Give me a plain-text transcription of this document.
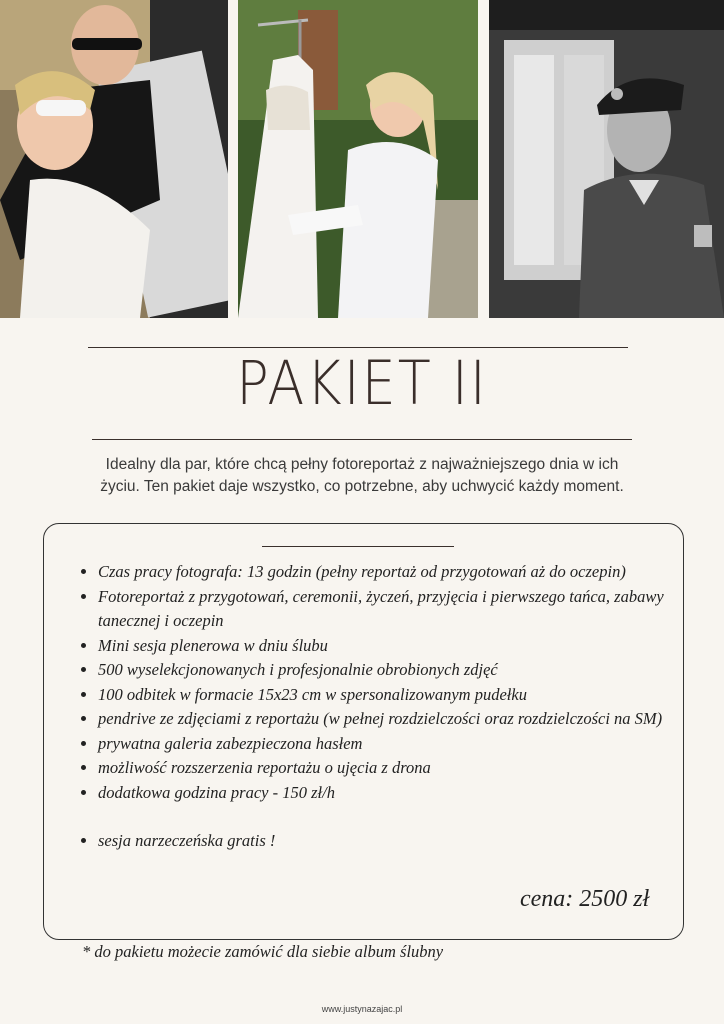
PAKIET II
Idealny dla par, które chcą pełny fotoreportaż z najważniejszego dnia w ich
życiu. Ten pakiet daje wszystko, co potrzebne, aby uchwycić każdy moment.
• Czas pracy fotografa: 13 godzin (pełny reportaż od przygotowań aż do oczepin)
• Fotoreportaż z przygotowań, ceremonii, życzeń, przyjęcia i pierwszego tańca, zabawy tanecznej i oczepin
• Mini sesja plenerowa w dniu ślubu
• 500 wyselekcjonowanych i profesjonalnie obrobionych zdjęć
• 100 odbitek w formacie 15x23 cm w spersonalizowanym pudełku
• pendrive ze zdjęciami z reportażu (w pełnej rozdzielczości oraz rozdzielczości na SM)
• prywatna galeria zabezpieczona hasłem
• możliwość rozszerzenia reportażu o ujęcia z drona
• dodatkowa godzina pracy - 150 zł/h
• sesja narzeczeńska gratis !
cena: 2500 zł
* do pakietu możecie zamówić dla siebie album ślubny
www.justynazajac.pl
